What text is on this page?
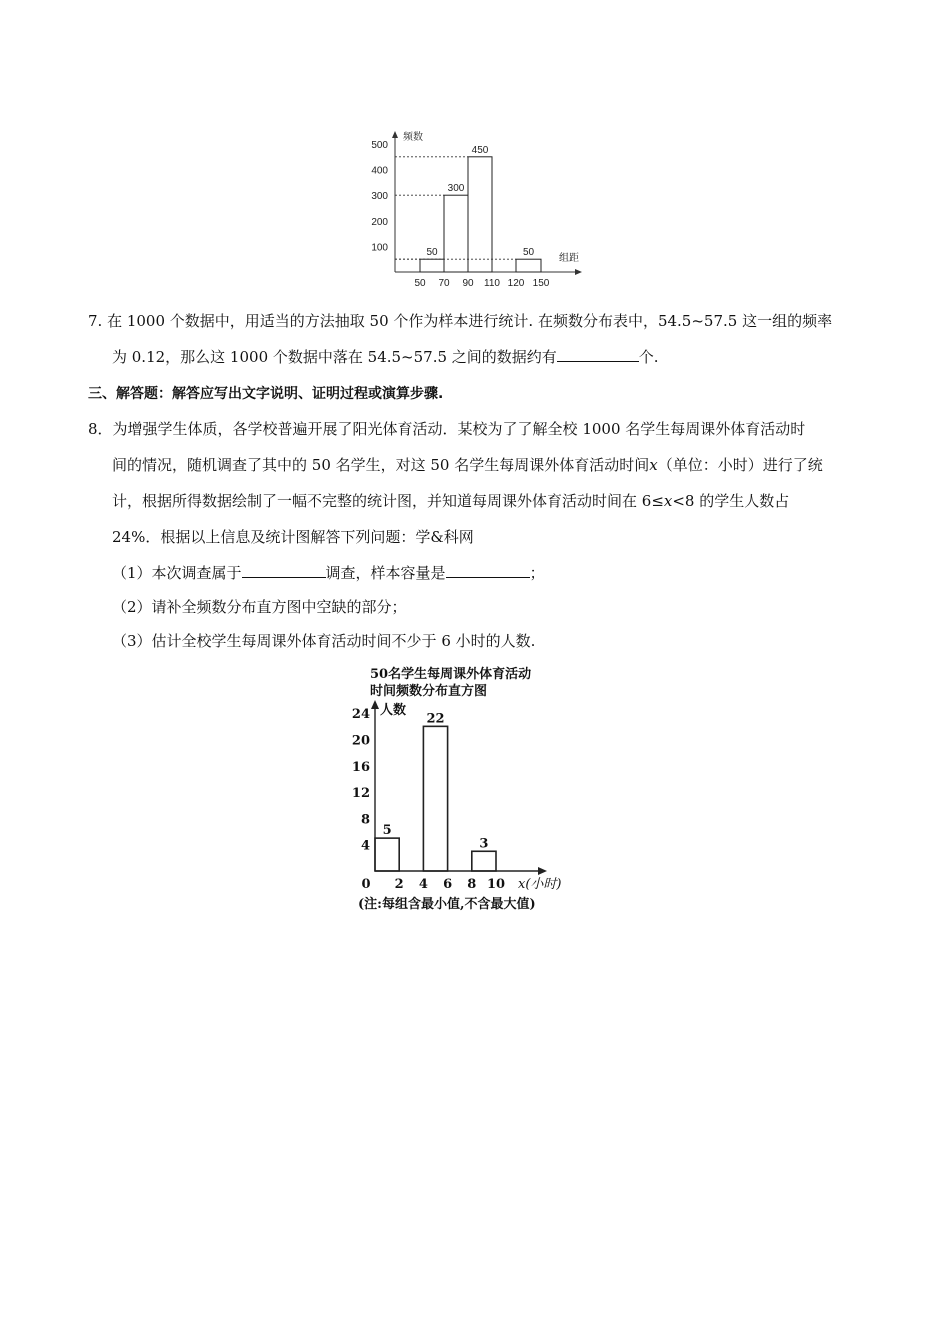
频数
组距
100
200
300
400
500
50 70 90 110 120 150
50
300
450
50
7. 在 1000 个数据中，用适当的方法抽取 50 个作为样本进行统计. 在频数分布表中，54.5~57.5 这一组的频率
为 0.12，那么这 1000 个数据中落在 54.5~57.5 之间的数据约有	个.
三、解答题：解答应写出文字说明、证明过程或演算步骤.
8．为增强学生体质，各学校普遍开展了阳光体育活动．某校为了了解全校 1000 名学生每周课外体育活动时
间的情况，随机调查了其中的 50 名学生，对这 50 名学生每周课外体育活动时间x（单位：小时）进行了统
计，根据所得数据绘制了一幅不完整的统计图，并知道每周课外体育活动时间在 6≤x<8 的学生人数占
24%．根据以上信息及统计图解答下列问题：学&科网
（1）本次调查属于	调查，样本容量是	；
（2）请补全频数分布直方图中空缺的部分；
（3）估计全校学生每周课外体育活动时间不少于 6 小时的人数.
50名学生每周课外体育活动
时间频数分布直方图
人数
x(小时)
4
8
12
16
20
24
0 2 4 6 8 10
5
22
3
(注:每组含最小值,不含最大值)
